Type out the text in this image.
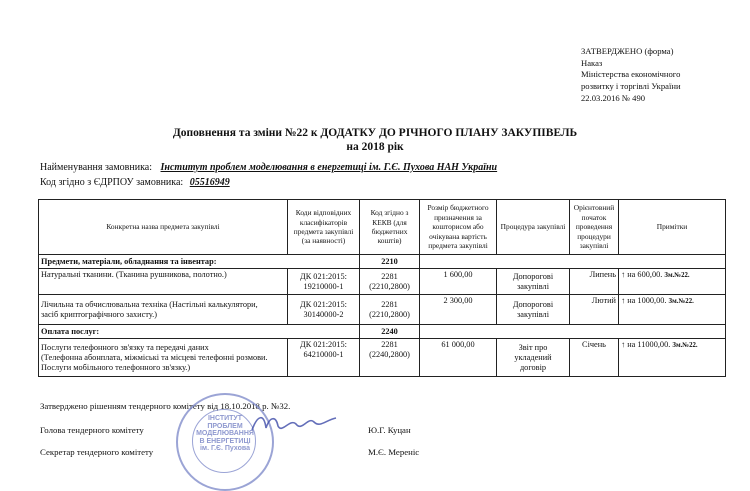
ЗАТВЕРДЖЕНО (форма)
Наказ
Міністерства економічного
розвитку і торгівлі України
22.03.2016 № 490
Доповнення та зміни №22 к ДОДАТКУ ДО РІЧНОГО ПЛАНУ ЗАКУПІВЕЛЬ
на 2018 рік
Найменування замовника: Інститут проблем моделювання в енергетиці ім. Г.Є. Пухова НАН України
Код згідно з ЄДРПОУ замовника: 05516949
Конкретна назва предмета закупівлі	Коди відповідних класифікаторів предмета закупівлі (за наявності)	Код згідно з КЕКВ (для бюджетних коштів)	Розмір бюджетного призначення за кошторисом або очікувана вартість предмета закупівлі	Процедура закупівлі	Орієнтовний початок проведення процедури закупівлі	Примітки
Предмети, матеріали, обладнання та інвентар:		2210				
Натуральні тканини. (Тканина рушникова, полотно.)	ДК 021:2015:
19210000-1	2281
(2210,2800)	1 600,00	Допорогові
закупівлі	Липень	↑ на 600,00. Зм.№22.
Лічильна та обчислювальна техніка (Настільні калькулятори,
засіб криптографічного захисту.)	ДК 021:2015:
30140000-2	2281
(2210,2800)	2 300,00	Допорогові
закупівлі	Лютий	↑ на 1000,00. Зм.№22.
Оплата послуг:		2240				
Послуги телефонного зв'язку та передачі даних
(Телефонна абонплата, міжміські та місцеві телефонні розмови.
Послуги мобільного телефонного зв'язку.)	ДК 021:2015:
64210000-1	2281
(2240,2800)	61 000,00	Звіт про
укладений
договір	Січень	↑ на 11000,00. Зм.№22.
Затверджено рішенням тендерного комітету від 18.10.2018 р. №32.
Голова тендерного комітету	Ю.Г. Куцан
Секретар тендерного комітету	М.Є. Мереніс
ІНСТИТУТ
ПРОБЛЕМ
МОДЕЛЮВАННЯ
В ЕНЕРГЕТИЦІ
ім. Г.Є. Пухова
